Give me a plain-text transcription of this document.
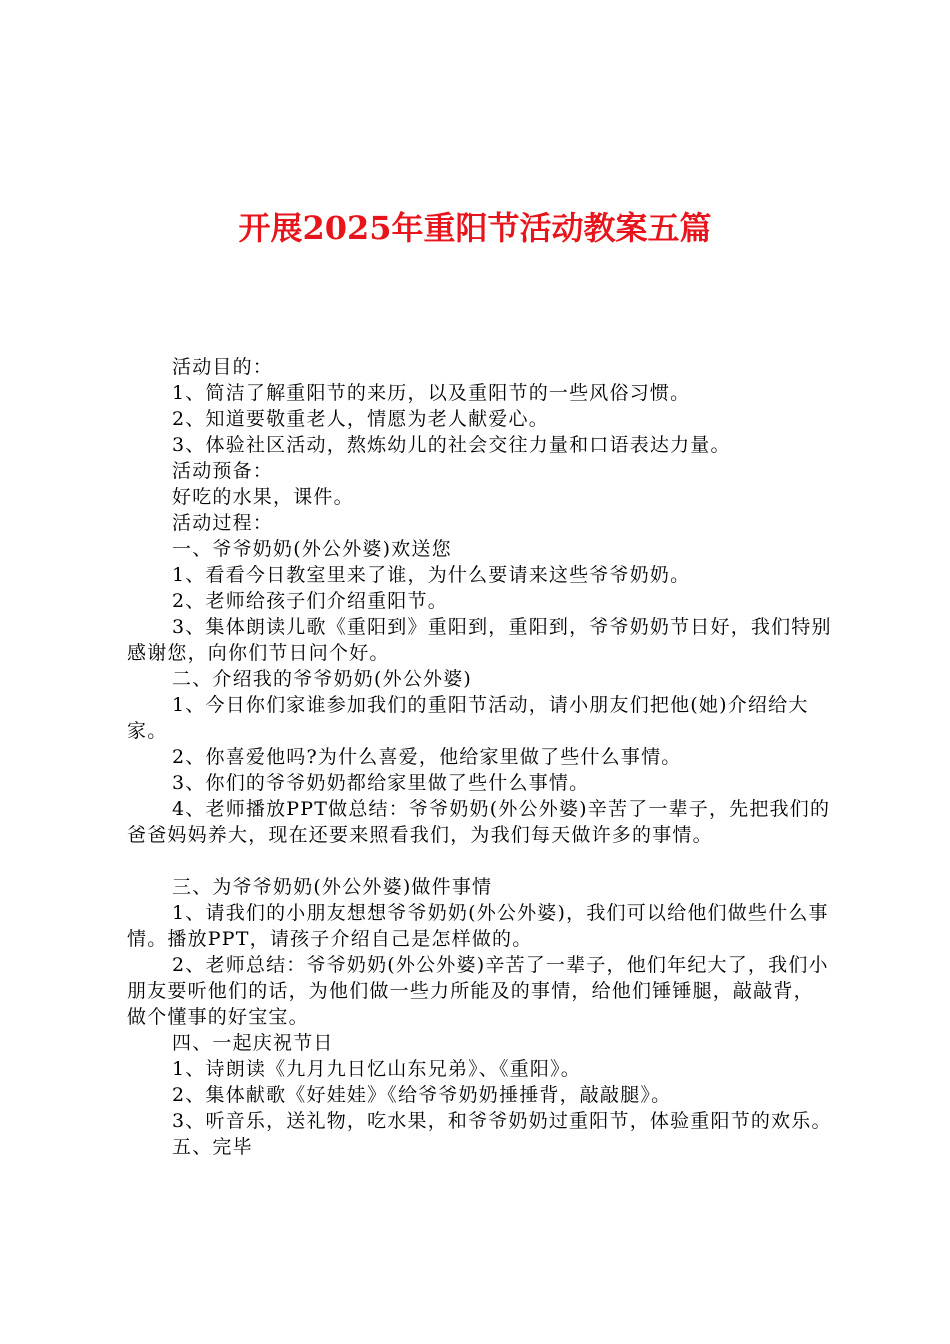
开展2025年重阳节活动教案五篇

活动目的：

1、简洁了解重阳节的来历，以及重阳节的一些风俗习惯。

2、知道要敬重老人，情愿为老人献爱心。

3、体验社区活动，熬炼幼儿的社会交往力量和口语表达力量。

活动预备：

好吃的水果，课件。

活动过程：

一、爷爷奶奶(外公外婆)欢送您

1、看看今日教室里来了谁，为什么要请来这些爷爷奶奶。

2、老师给孩子们介绍重阳节。

3、集体朗读儿歌《重阳到》重阳到，重阳到，爷爷奶奶节日好，我们特别感谢您，向你们节日问个好。

二、介绍我的爷爷奶奶(外公外婆)

1、今日你们家谁参加我们的重阳节活动，请小朋友们把他(她)介绍给大家。

2、你喜爱他吗?为什么喜爱，他给家里做了些什么事情。

3、你们的爷爷奶奶都给家里做了些什么事情。

4、老师播放PPT做总结：爷爷奶奶(外公外婆)辛苦了一辈子，先把我们的爸爸妈妈养大，现在还要来照看我们，为我们每天做许多的事情。

三、为爷爷奶奶(外公外婆)做件事情

1、请我们的小朋友想想爷爷奶奶(外公外婆)，我们可以给他们做些什么事情。播放PPT，请孩子介绍自己是怎样做的。

2、老师总结：爷爷奶奶(外公外婆)辛苦了一辈子，他们年纪大了，我们小朋友要听他们的话，为他们做一些力所能及的事情，给他们锤锤腿，敲敲背，做个懂事的好宝宝。

四、一起庆祝节日

1、诗朗读《九月九日忆山东兄弟》、《重阳》。

2、集体献歌《好娃娃》《给爷爷奶奶捶捶背，敲敲腿》。

3、听音乐，送礼物，吃水果，和爷爷奶奶过重阳节，体验重阳节的欢乐。

五、完毕
